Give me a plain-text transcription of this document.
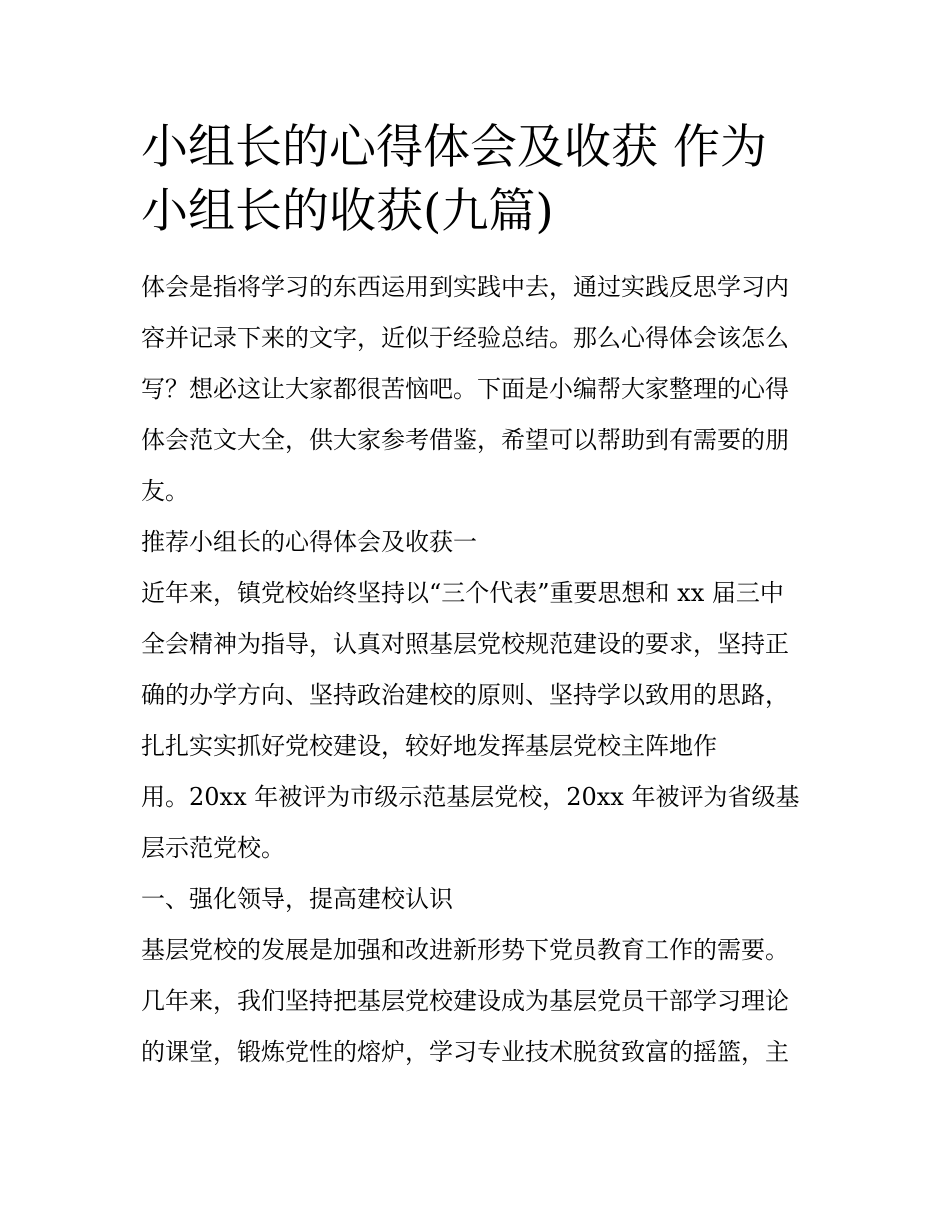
小组长的心得体会及收获 作为
小组长的收获(九篇)

体会是指将学习的东西运用到实践中去，通过实践反思学习内
容并记录下来的文字，近似于经验总结。那么心得体会该怎么
写？想必这让大家都很苦恼吧。下面是小编帮大家整理的心得
体会范文大全，供大家参考借鉴，希望可以帮助到有需要的朋
友。

推荐小组长的心得体会及收获一

近年来，镇党校始终坚持以“三个代表”重要思想和 xx 届三中
全会精神为指导，认真对照基层党校规范建设的要求，坚持正
确的办学方向、坚持政治建校的原则、坚持学以致用的思路，
扎扎实实抓好党校建设，较好地发挥基层党校主阵地作
用。20xx 年被评为市级示范基层党校，20xx 年被评为省级基
层示范党校。

一、强化领导，提高建校认识

基层党校的发展是加强和改进新形势下党员教育工作的需要。
几年来，我们坚持把基层党校建设成为基层党员干部学习理论
的课堂，锻炼党性的熔炉，学习专业技术脱贫致富的摇篮，主
